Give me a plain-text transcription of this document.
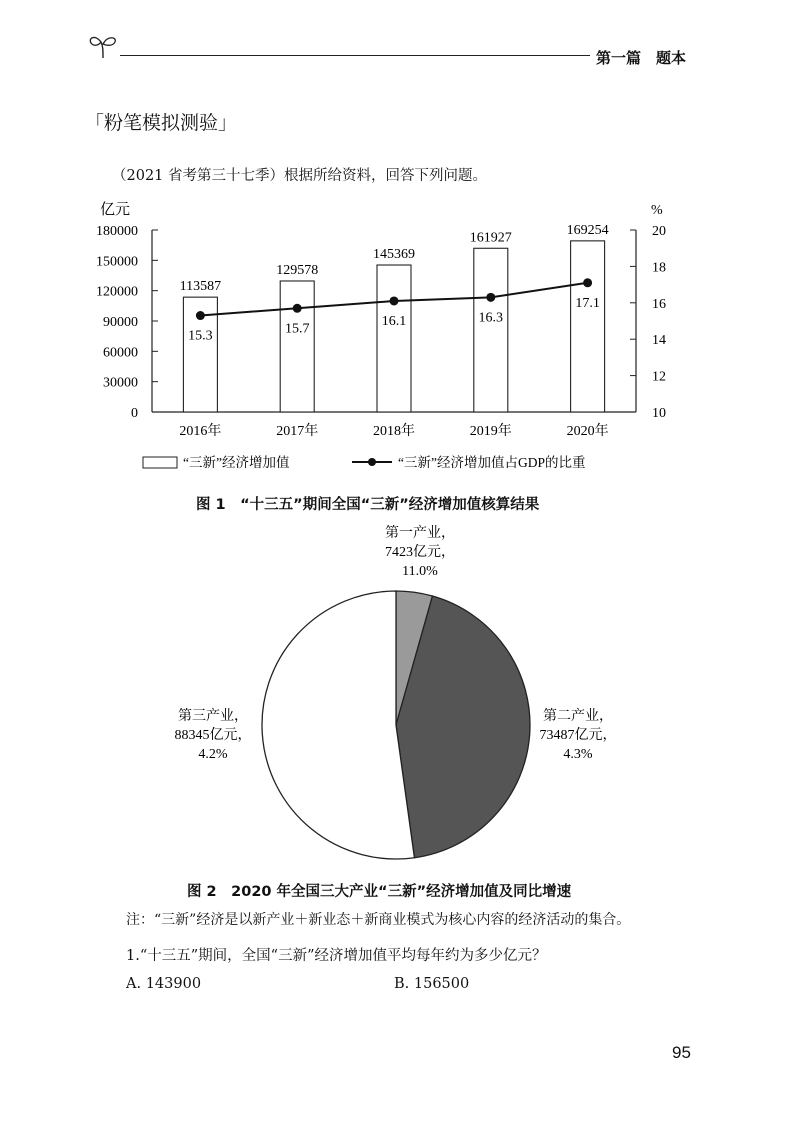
第一篇　题本
「粉笔模拟测验」
（2021 省考第三十七季）根据所给资料，回答下列问题。
亿元	%
0
30000
60000
90000
120000
150000
180000
10
12
14
16
18
20
113587
129578
145369
161927	169254
2016年	2017年	2018年	2019年	2020年
15.3	15.7	16.1	16.3
17.1
“三新”经济增加值	“三新”经济增加值占GDP的比重
图 1　“十三五”期间全国“三新”经济增加值核算结果
第一产业，
7423亿元，
11.0%
第二产业，
73487亿元，
4.3%
第三产业，
88345亿元，
4.2%
图 2　2020 年全国三大产业“三新”经济增加值及同比增速
注：“三新”经济是以新产业＋新业态＋新商业模式为核心内容的经济活动的集合。
1.“十三五”期间，全国“三新”经济增加值平均每年约为多少亿元？
A. 143900	B. 156500
95
